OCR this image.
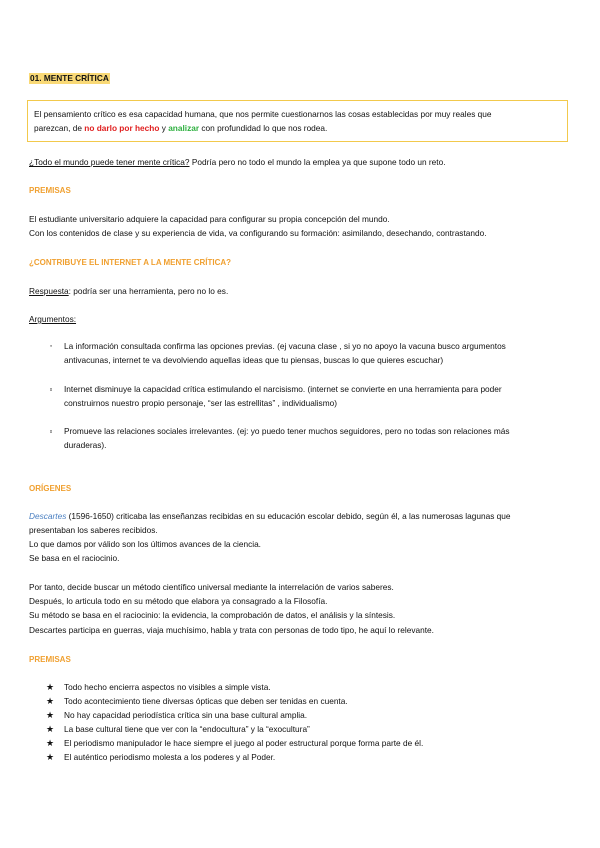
01. MENTE CRÍTICA
El pensamiento crítico es esa capacidad humana, que nos permite cuestionarnos las cosas establecidas por muy reales que
parezcan, de no darlo por hecho y analizar con profundidad lo que nos rodea.
¿Todo el mundo puede tener mente crítica? Podría pero no todo el mundo la emplea ya que supone todo un reto.
PREMISAS
El estudiante universitario adquiere la capacidad para configurar su propia concepción del mundo.
Con los contenidos de clase y su experiencia de vida, va configurando su formación: asimilando, desechando, contrastando.
¿CONTRIBUYE EL INTERNET A LA MENTE CRÍTICA?
Respuesta: podría ser una herramienta, pero no lo es.
Argumentos:
◦	La información consultada confirma las opciones previas. (ej vacuna clase , si yo no apoyo la vacuna busco argumentos
antivacunas, internet te va devolviendo aquellas ideas que tu piensas, buscas lo que quieres escuchar)
▫	Internet disminuye la capacidad crítica estimulando el narcisismo. (internet se convierte en una herramienta para poder
construirnos nuestro propio personaje, “ser las estrellitas” , individualismo)
▫	Promueve las relaciones sociales irrelevantes. (ej: yo puedo tener muchos seguidores, pero no todas son relaciones más
duraderas).
ORÍGENES
Descartes (1596-1650) criticaba las enseñanzas recibidas en su educación escolar debido, según él, a las numerosas lagunas que
presentaban los saberes recibidos.
Lo que damos por válido son los últimos avances de la ciencia.
Se basa en el raciocinio.
Por tanto, decide buscar un método científico universal mediante la interrelación de varios saberes.
Después, lo articula todo en su método que elabora ya consagrado a la Filosofía.
Su método se basa en el raciocinio: la evidencia, la comprobación de datos, el análisis y la síntesis.
Descartes participa en guerras, viaja muchísimo, habla y trata con personas de todo tipo, he aquí lo relevante.
PREMISAS
★ Todo hecho encierra aspectos no visibles a simple vista.
★ Todo acontecimiento tiene diversas ópticas que deben ser tenidas en cuenta.
★ No hay capacidad periodística crítica sin una base cultural amplia.
★ La base cultural tiene que ver con la “endocultura” y la “exocultura”
★ El periodismo manipulador le hace siempre el juego al poder estructural porque forma parte de él.
★ El auténtico periodismo molesta a los poderes y al Poder.
